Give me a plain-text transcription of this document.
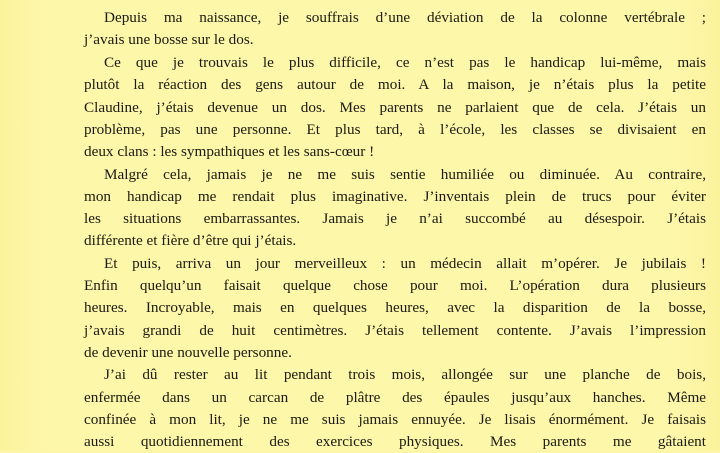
Depuis ma naissance, je souffrais d’une déviation de la colonne vertébrale ;
j’avais une bosse sur le dos.
Ce que je trouvais le plus difficile, ce n’est pas le handicap lui-même, mais
plutôt la réaction des gens autour de moi. A la maison, je n’étais plus la petite
Claudine, j’étais devenue un dos. Mes parents ne parlaient que de cela. J’étais un
problème, pas une personne. Et plus tard, à l’école, les classes se divisaient en
deux clans : les sympathiques et les sans-cœur !
Malgré cela, jamais je ne me suis sentie humiliée ou diminuée. Au contraire,
mon handicap me rendait plus imaginative. J’inventais plein de trucs pour éviter
les situations embarrassantes. Jamais je n’ai succombé au désespoir. J’étais
différente et fière d’être qui j’étais.
Et puis, arriva un jour merveilleux : un médecin allait m’opérer. Je jubilais !
Enfin quelqu’un faisait quelque chose pour moi. L’opération dura plusieurs
heures. Incroyable, mais en quelques heures, avec la disparition de la bosse,
j’avais grandi de huit centimètres. J’étais tellement contente. J’avais l’impression
de devenir une nouvelle personne.
J’ai dû rester au lit pendant trois mois, allongée sur une planche de bois,
enfermée dans un carcan de plâtre des épaules jusqu’aux hanches. Même
confinée à mon lit, je ne me suis jamais ennuyée. Je lisais énormément. Je faisais
aussi quotidiennement des exercices physiques. Mes parents me gâtaient
